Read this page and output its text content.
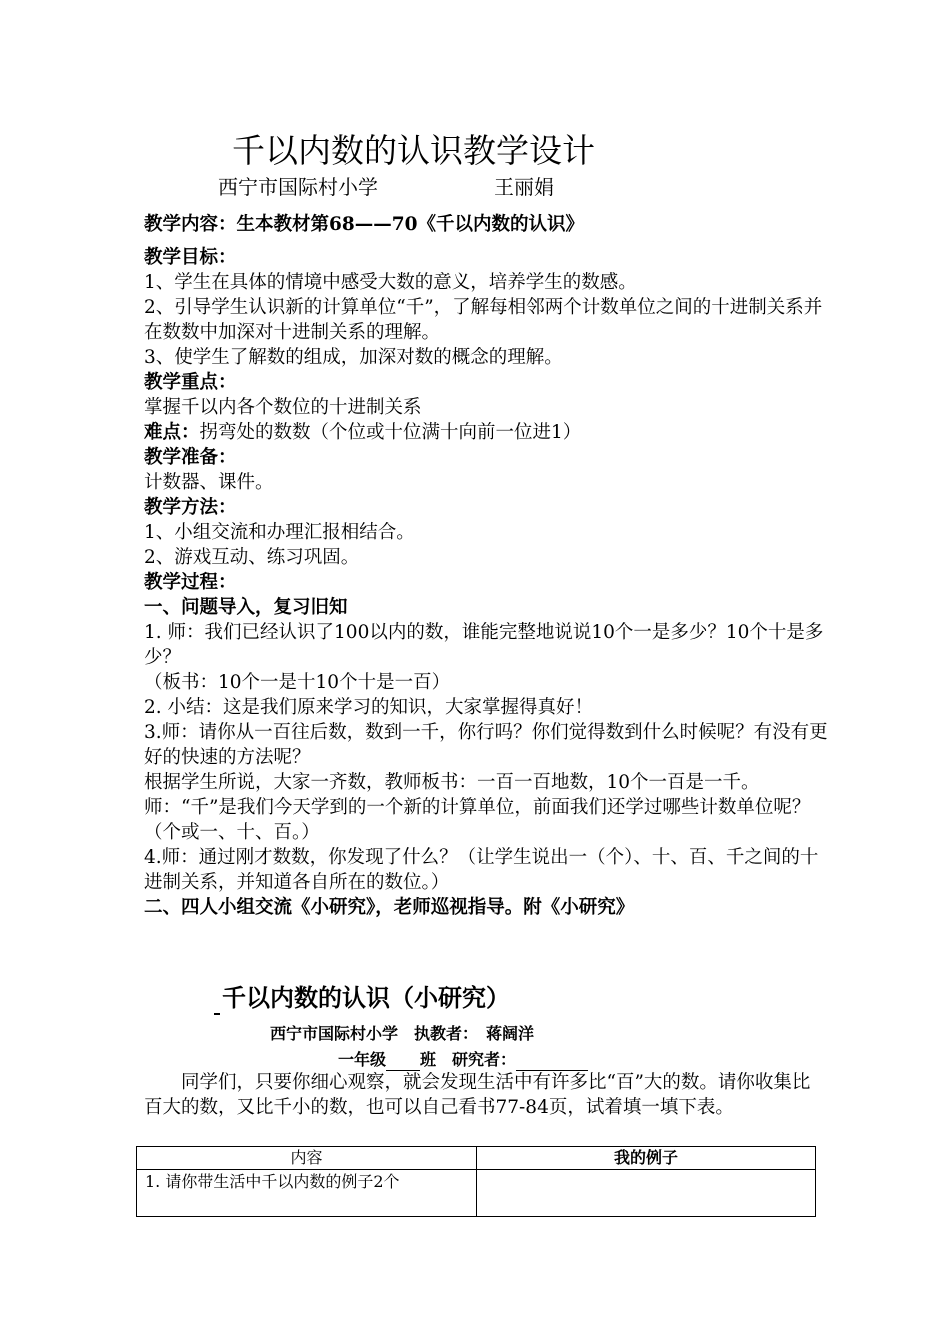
千以内数的认识教学设计
西宁市国际村小学	王丽娟

教学内容：生本教材第68——70《千以内数的认识》

教学目标：

1、学生在具体的情境中感受大数的意义，培养学生的数感。

2、引导学生认识新的计算单位“千”，了解每相邻两个计数单位之间的十进制关系并在数数中加深对十进制关系的理解。

3、使学生了解数的组成，加深对数的概念的理解。

教学重点：

掌握千以内各个数位的十进制关系

难点：拐弯处的数数（个位或十位满十向前一位进1）

教学准备：

计数器、课件。

教学方法：

1、小组交流和办理汇报相结合。

2、游戏互动、练习巩固。

教学过程：

一、问题导入，复习旧知

1. 师：我们已经认识了100以内的数，谁能完整地说说10个一是多少？10个十是多少？

（板书：10个一是十10个十是一百）

2. 小结：这是我们原来学习的知识，大家掌握得真好！

3.师：请你从一百往后数，数到一千，你行吗？你们觉得数到什么时候呢？有没有更好的快速的方法呢？

根据学生所说，大家一齐数，教师板书：一百一百地数，10个一百是一千。

师：“千”是我们今天学到的一个新的计算单位，前面我们还学过哪些计数单位呢？

（个或一、十、百。）

4.师：通过刚才数数，你发现了什么？（让学生说出一（个）、十、百、千之间的十进制关系，并知道各自所在的数位。）

二、四人小组交流《小研究》，老师巡视指导。附《小研究》

千以内数的认识（小研究）
西宁市国际村小学　执教者：　蒋阔洋
一年级 班　研究者：
同学们，只要你细心观察，就会发现生活中有许多比“百”大的数。请你收集比百大的数，又比千小的数，也可以自己看书77-84页，试着填一填下表。
内容	我的例子
1. 请你带生活中千以内数的例子2个	
